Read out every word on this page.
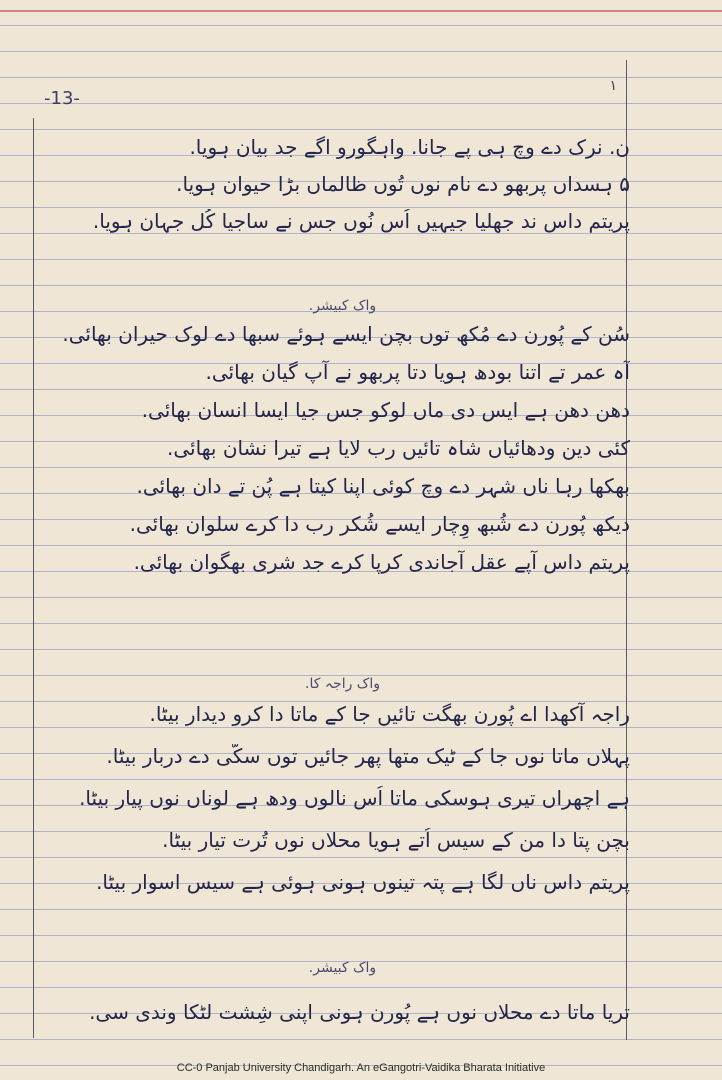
-13-
١
ن. نرک دے وچ ہی پے جانا. واہگورو اگے جد بیان ہویا.
۵ ہسداں پربھو دے نام نوں تُوں ظالماں بڑا حیوان ہویا.
پریتم داس ند جھلیا جیہیں اُس نُوں جس نے ساجیا کُل جہان ہویا.
واک کبیشر.
سُن کے پُورن دے مُکھ توں بچن ایسے ہوئے سبھا دے لوک حیران بھائی.
آہ عمر تے اتنا بودھ ہویا دتا پربھو نے آپ گیان بھائی.
دھن دھن ہے ایس دی ماں لوکو جس جیا ایسا انسان بھائی.
کئی دین ودھائیاں شاہ تائیں رب لایا ہے تیرا نشان بھائی.
بھکھا رہا ناں شہر دے وچ کوئی اپنا کیتا ہے پُن تے دان بھائی.
دیکھ پُورن دے شُبھ وِچار ایسے شُکر رب دا کرے سلوان بھائی.
پریتم داس آپے عقل آجاندی کرپا کرے جد شری بھگوان بھائی.
واک راجہ کا.
راجہ آکھدا اے پُورن بھگت تائیں جا کے ماتا دا کرو دیدار بیٹا.
پہلاں ماتا نوں جا کے ٹیک متھا پھر جائیں توں سکّی دے دربار بیٹا.
ہے اچھراں تیری ہوسکی ماتا اُس نالوں ودھ ہے لوناں نوں پیار بیٹا.
بچن پتا دا من کے سیس اُتے ہویا محلاں نوں تُرت تیار بیٹا.
پریتم داس ناں لگا ہے پتہ تینوں ہونی ہوئی ہے سیس اسوار بیٹا.
واک کبیشر.
تریا ماتا دے محلاں نوں ہے پُورن ہونی اپنی شِشت لٹکا وندی سی.
CC-0 Panjab University Chandigarh. An eGangotri-Vaidika Bharata Initiative
